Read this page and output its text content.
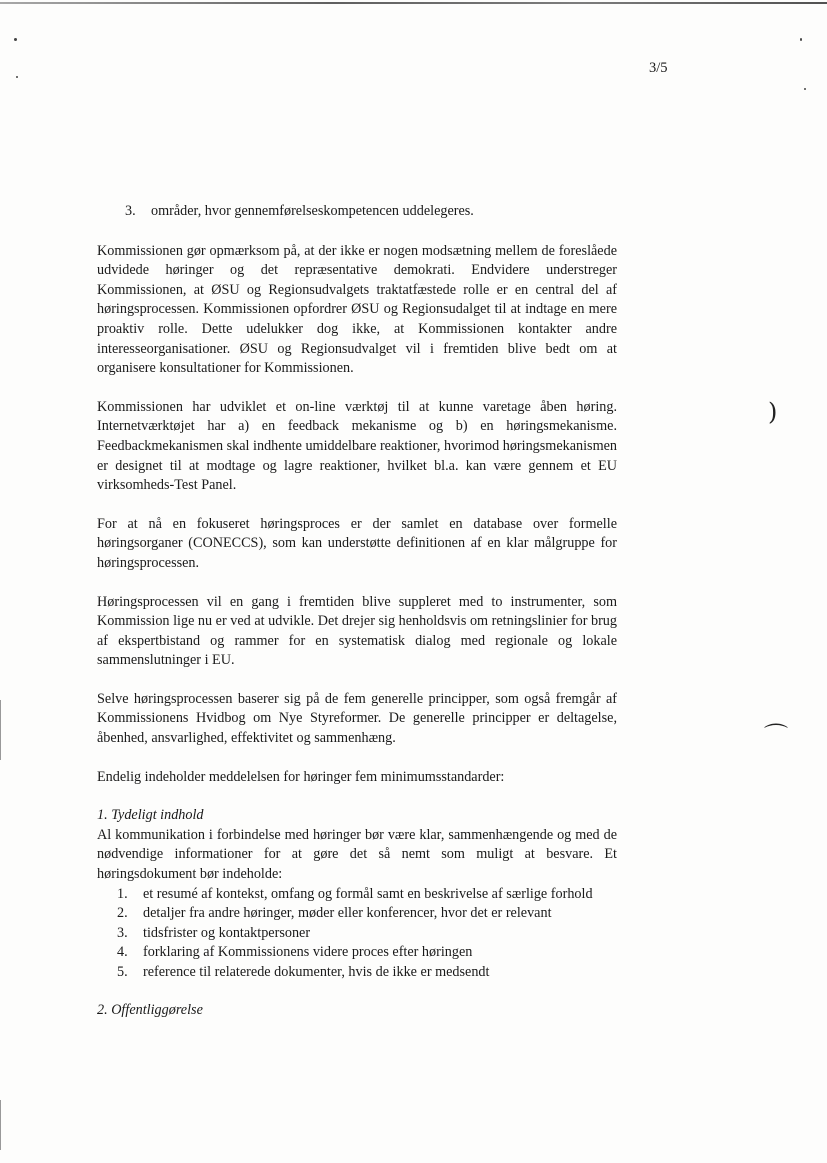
)
⌒
3/5
3.	områder, hvor gennemførelseskompetencen uddelegeres.

Kommissionen gør opmærksom på, at der ikke er nogen modsætning mellem de foreslåede udvidede høringer og det repræsentative demokrati. Endvidere understreger Kommissionen, at ØSU og Regionsudvalgets traktatfæstede rolle er en central del af høringsprocessen. Kommissionen opfordrer ØSU og Regionsudalget til at indtage en mere proaktiv rolle. Dette udelukker dog ikke, at Kommissionen kontakter andre interesseorganisationer. ØSU og Regionsudvalget vil i fremtiden blive bedt om at organisere konsultationer for Kommissionen.

Kommissionen har udviklet et on-line værktøj til at kunne varetage åben høring. Internetværktøjet har a) en feedback mekanisme og b) en høringsmekanisme. Feedbackmekanismen skal indhente umiddelbare reaktioner, hvorimod høringsmekanismen er designet til at modtage og lagre reaktioner, hvilket bl.a. kan være gennem et EU virksomheds-Test Panel.

For at nå en fokuseret høringsproces er der samlet en database over formelle høringsorganer (CONECCS), som kan understøtte definitionen af en klar målgruppe for høringsprocessen.

Høringsprocessen vil en gang i fremtiden blive suppleret med to instrumenter, som Kommission lige nu er ved at udvikle. Det drejer sig henholdsvis om retningslinier for brug af ekspertbistand og rammer for en systematisk dialog med regionale og lokale sammenslutninger i EU.

Selve høringsprocessen baserer sig på de fem generelle principper, som også fremgår af Kommissionens Hvidbog om Nye Styreformer. De generelle principper er deltagelse, åbenhed, ansvarlighed, effektivitet og sammenhæng.

Endelig indeholder meddelelsen for høringer fem minimumsstandarder:

1. Tydeligt indhold

Al kommunikation i forbindelse med høringer bør være klar, sammenhængende og med de nødvendige informationer for at gøre det så nemt som muligt at besvare. Et høringsdokument bør indeholde:

1.	et resumé af kontekst, omfang og formål samt en beskrivelse af særlige forhold
2.	detaljer fra andre høringer, møder eller konferencer, hvor det er relevant
3.	tidsfrister og kontaktpersoner
4.	forklaring af Kommissionens videre proces efter høringen
5.	reference til relaterede dokumenter, hvis de ikke er medsendt
2. Offentliggørelse
